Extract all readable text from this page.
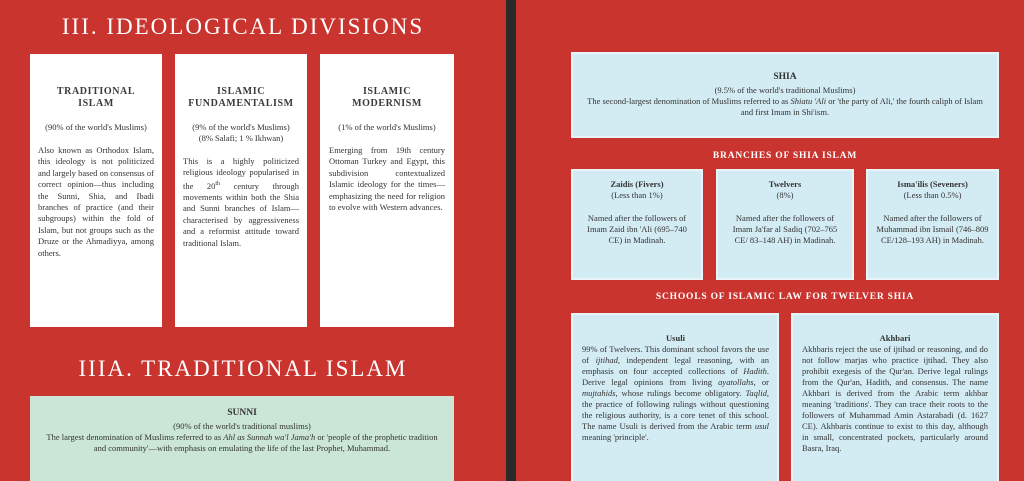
III. IDEOLOGICAL DIVISIONS
TRADITIONAL ISLAM
(90% of the world's Muslims)
Also known as Orthodox Islam, this ideology is not politicized and largely based on consensus of correct opinion—thus including the Sunni, Shia, and Ibadi branches of practice (and their subgroups) within the fold of Islam, but not groups such as the Druze or the Ahmadiyya, among others.
ISLAMIC FUNDAMENTALISM
(9% of the world's Muslims)
(8% Salafi; 1 % Ikhwan)
This is a highly politicized religious ideology popularised in the 20th century through movements within both the Shia and Sunni branches of Islam—characterised by aggressiveness and a reformist attitude toward traditional Islam.
ISLAMIC MODERNISM
(1% of the world's Muslims)
Emerging from 19th century Ottoman Turkey and Egypt, this subdivision contextualized Islamic ideology for the times—emphasizing the need for religion to evolve with Western advances.
IIIA. TRADITIONAL ISLAM
SUNNI
(90% of the world's traditional muslims)
The largest denomination of Muslims referred to as Ahl as Sunnah wa'l Jama'h or 'people of the prophetic tradition and community'—with emphasis on emulating the life of the last Prophet, Muhammad.
SHIA
(9.5% of the world's traditional Muslims)
The second-largest denomination of Muslims referred to as Shiatu 'Ali or 'the party of Ali,' the fourth caliph of Islam and first Imam in Shi'ism.
BRANCHES OF SHIA ISLAM
Zaidis (Fivers)
(Less than 1%)
Named after the followers of Imam Zaid ibn 'Ali (695–740 CE) in Madinah.
Twelvers
(8%)
Named after the followers of Imam Ja'far al Sadiq (702–765 CE/ 83–148 AH) in Madinah.
Isma'ilis (Seveners)
(Less than 0.5%)
Named after the followers of Muhammad ibn Ismail (746–809 CE/128–193 AH) in Madinah.
SCHOOLS OF ISLAMIC LAW FOR TWELVER SHIA
Usuli
99% of Twelvers. This dominant school favors the use of ijtihad, independent legal reasoning, with an emphasis on four accepted collections of Hadith. Derive legal opinions from living ayatollahs, or mujtahids, whose rulings become obligatory. Taqlid, the practice of following rulings without questioning the religious authority, is a core tenet of this school. The name Usuli is derived from the Arabic term usul meaning 'principle'.
Akhbari
Akhbaris reject the use of ijtihad or reasoning, and do not follow marjas who practice ijtihad. They also prohibit exegesis of the Qur'an. Derive legal rulings from the Qur'an, Hadith, and consensus. The name Akhbari is derived from the Arabic term akhbar meaning 'traditions'. They can trace their roots to the followers of Muhammad Amin Astarabadi (d. 1627 CE). Akhbaris continue to exist to this day, although in small, concentrated pockets, particularly around Basra, Iraq.
